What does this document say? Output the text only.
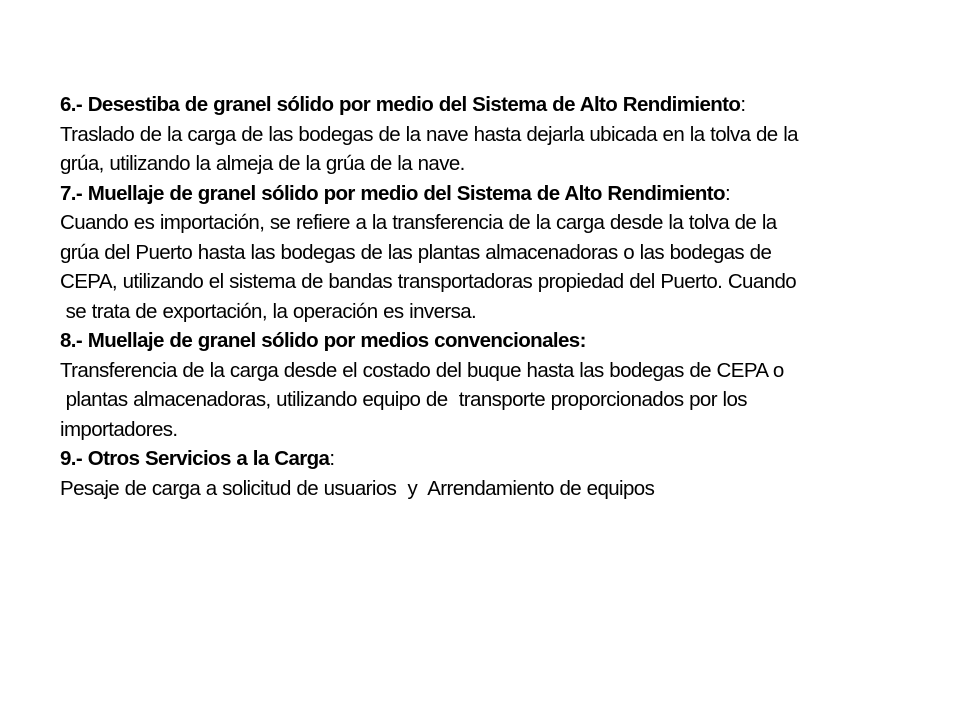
6.- Desestiba de granel sólido por medio del Sistema de Alto Rendimiento:
Traslado de la carga de las bodegas de la nave hasta dejarla ubicada en la tolva de la
grúa, utilizando la almeja de la grúa de la nave.
7.- Muellaje de granel sólido por medio del Sistema de Alto Rendimiento:
Cuando es importación, se refiere a la transferencia de la carga desde la tolva de la
grúa del Puerto hasta las bodegas de las plantas almacenadoras o las bodegas de
CEPA, utilizando el sistema de bandas transportadoras propiedad del Puerto. Cuando
se trata de exportación, la operación es inversa.
8.- Muellaje de granel sólido por medios convencionales:
Transferencia de la carga desde el costado del buque hasta las bodegas de CEPA o
plantas almacenadoras, utilizando equipo de  transporte proporcionados por los
importadores.
9.- Otros Servicios a la Carga:
Pesaje de carga a solicitud de usuarios  y  Arrendamiento de equipos
